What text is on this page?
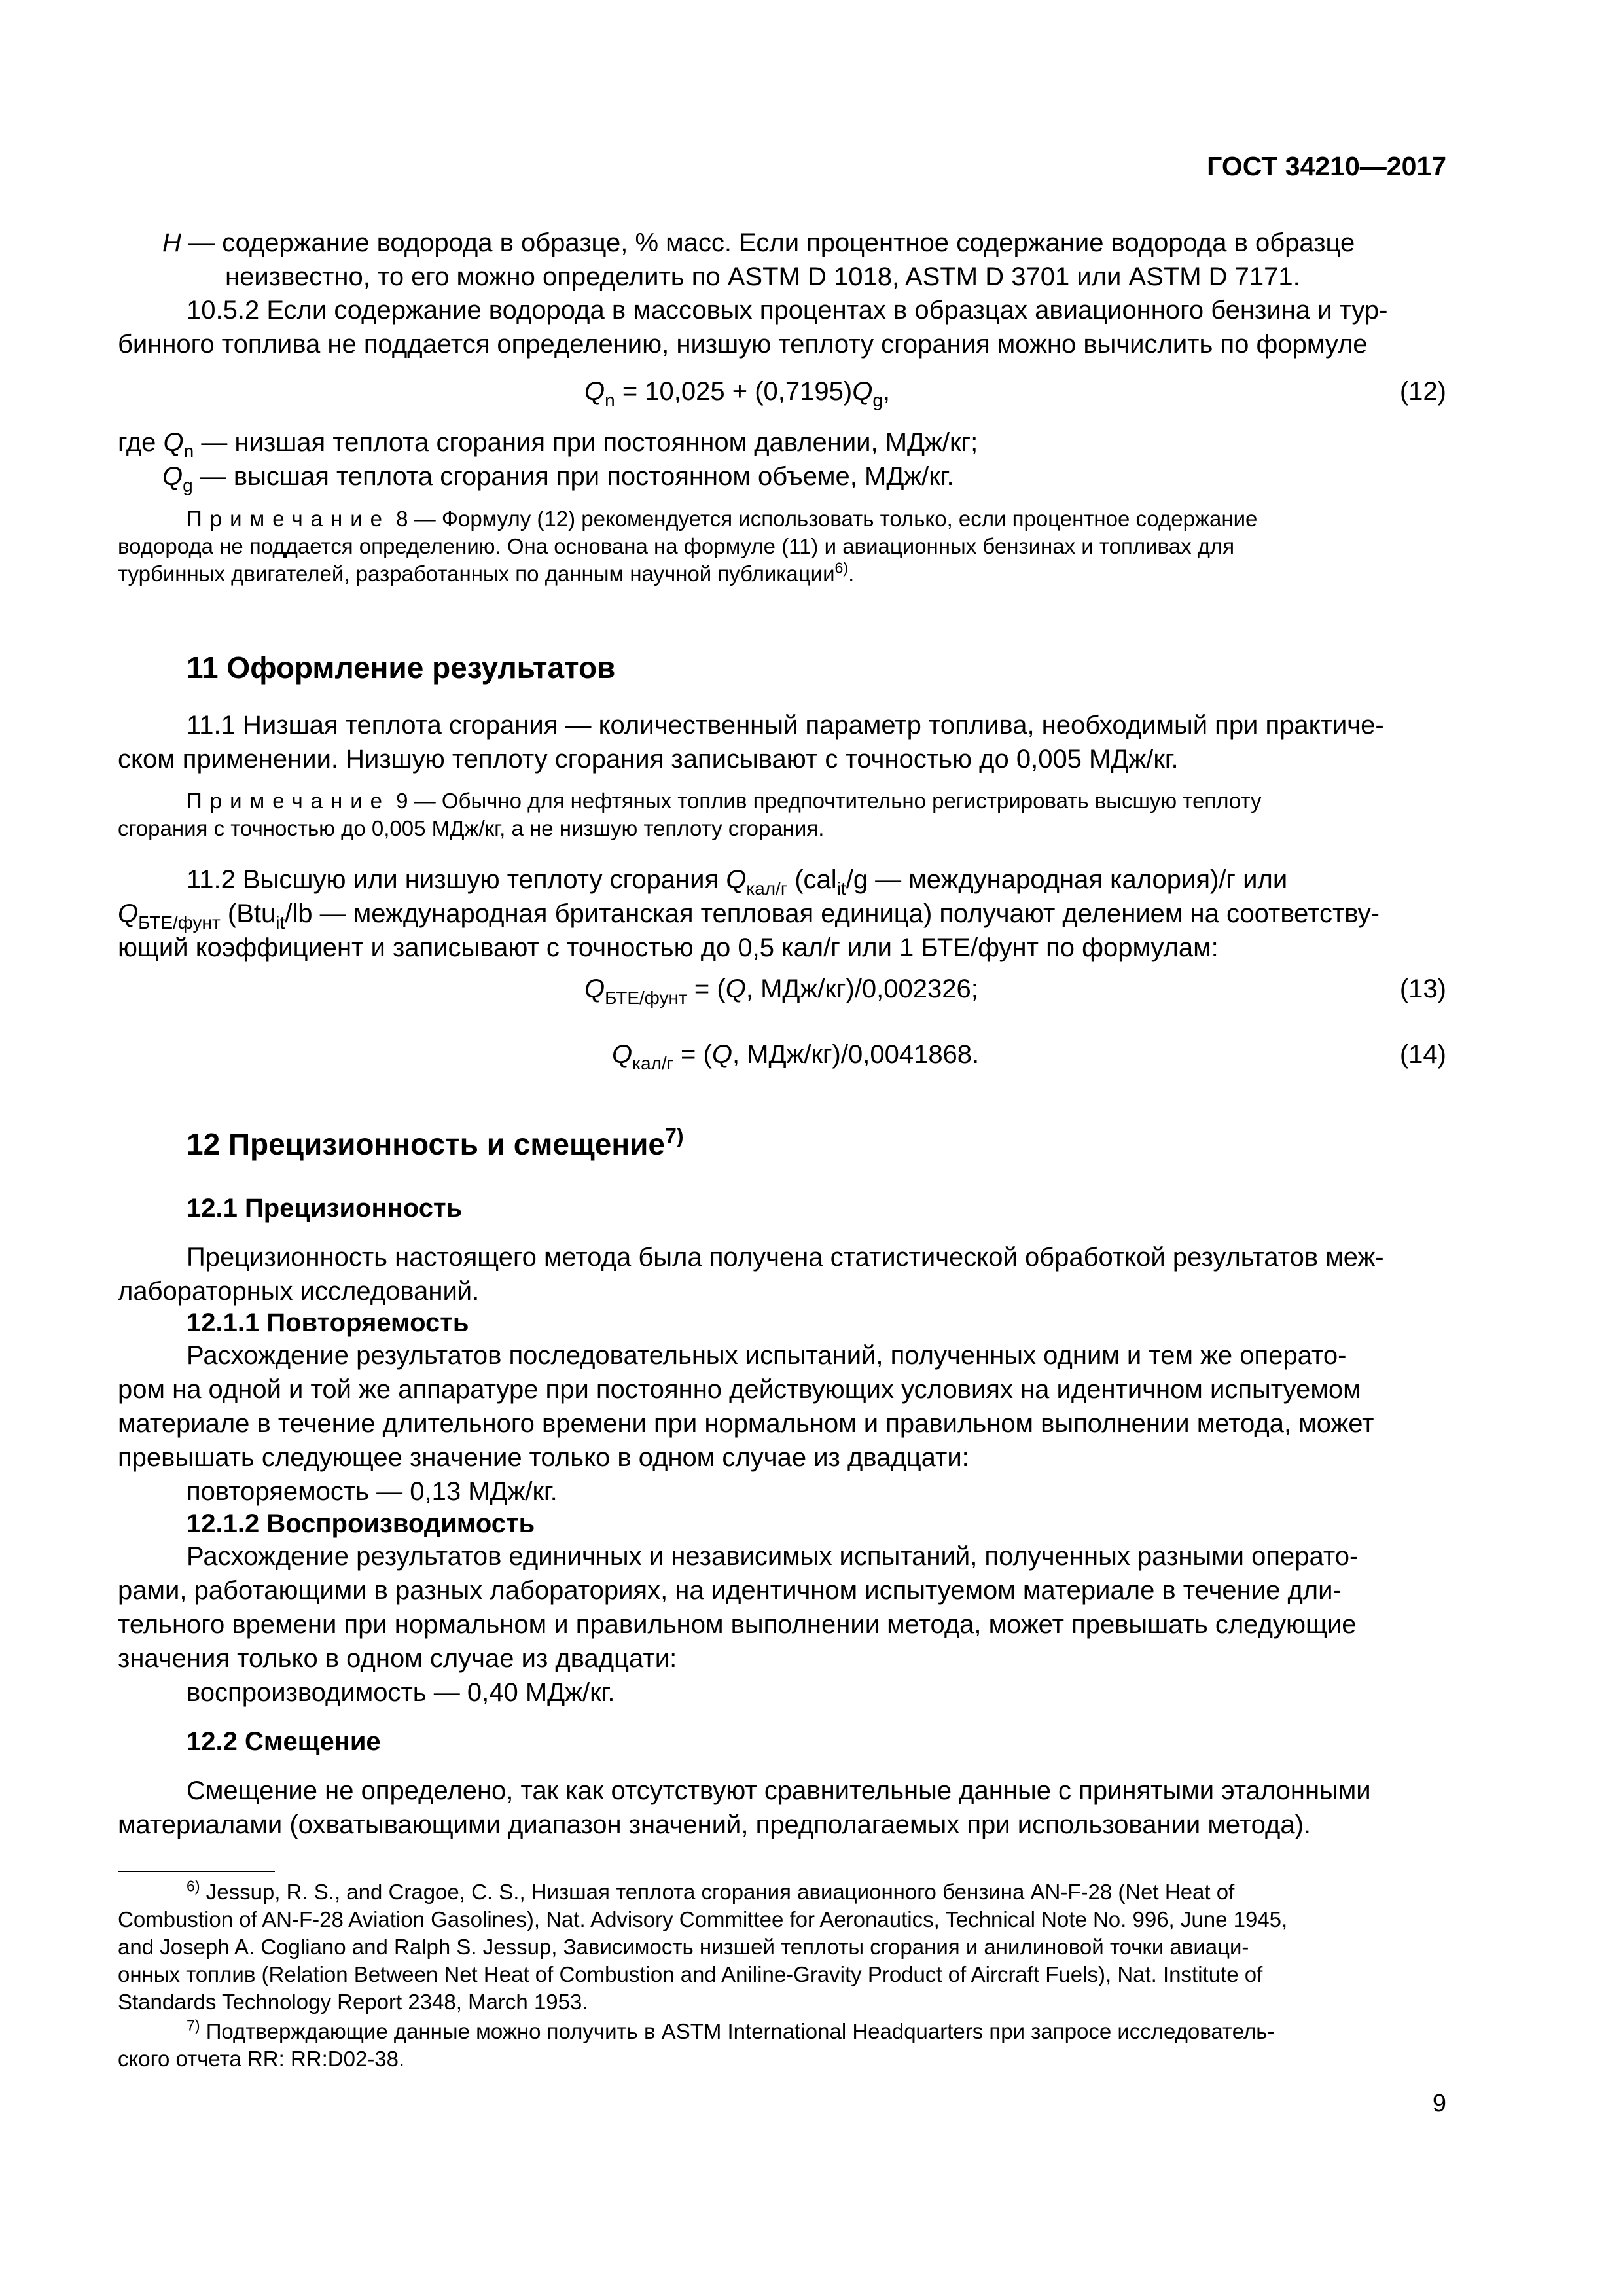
ГОСТ 34210—2017
H — содержание водорода в образце, % масс. Если процентное содержание водорода в образце
неизвестно, то его можно определить по ASTM D 1018, ASTM D 3701 или ASTM D 7171.
10.5.2 Если содержание водорода в массовых процентах в образцах авиационного бензина и тур-
бинного топлива не поддается определению, низшую теплоту сгорания можно вычислить по формуле
$Q_n = 10,025 + (0,7195)Q_g$,	(12)
где $Q_n$ — низшая теплота сгорания при постоянном давлении, МДж/кг;
$Q_g$ — высшая теплота сгорания при постоянном объеме, МДж/кг.
Примечание 8 — Формулу (12) рекомендуется использовать только, если процентное содержание
водорода не поддается определению. Она основана на формуле (11) и авиационных бензинах и топливах для
турбинных двигателей, разработанных по данным научной публикации$^{6)}$.
11 Оформление результатов
11.1 Низшая теплота сгорания — количественный параметр топлива, необходимый при практиче-
ском применении. Низшую теплоту сгорания записывают с точностью до 0,005 МДж/кг.
Примечание 9 — Обычно для нефтяных топлив предпочтительно регистрировать высшую теплоту
сгорания с точностью до 0,005 МДж/кг, а не низшую теплоту сгорания.
11.2 Высшую или низшую теплоту сгорания $Q_{кал/г}$ (cal$_{it}$/g — международная калория)/г или
$Q_{БТЕ/фунт}$ (Btu$_{it}$/lb — международная британская тепловая единица) получают делением на соответству-
ющий коэффициент и записывают с точностью до 0,5 кал/г или 1 БТЕ/фунт по формулам:
$Q_{БТЕ/фунт} = (Q$, МДж/кг)/0,002326;	(13)
$Q_{кал/г} = (Q$, МДж/кг)/0,0041868.	(14)
12 Прецизионность и смещение$^{7)}$
12.1 Прецизионность
Прецизионность настоящего метода была получена статистической обработкой результатов меж-
лабораторных исследований.
12.1.1 Повторяемость
Расхождение результатов последовательных испытаний, полученных одним и тем же операто-
ром на одной и той же аппаратуре при постоянно действующих условиях на идентичном испытуемом
материале в течение длительного времени при нормальном и правильном выполнении метода, может
превышать следующее значение только в одном случае из двадцати:
повторяемость — 0,13 МДж/кг.
12.1.2 Воспроизводимость
Расхождение результатов единичных и независимых испытаний, полученных разными операто-
рами, работающими в разных лабораториях, на идентичном испытуемом материале в течение дли-
тельного времени при нормальном и правильном выполнении метода, может превышать следующие
значения только в одном случае из двадцати:
воспроизводимость — 0,40 МДж/кг.
12.2 Смещение
Смещение не определено, так как отсутствуют сравнительные данные с принятыми эталонными
материалами (охватывающими диапазон значений, предполагаемых при использовании метода).
$^{6)}$ Jessup, R. S., and Cragoe, C. S., Низшая теплота сгорания авиационного бензина AN-F-28 (Net Heat of
Combustion of AN-F-28 Aviation Gasolines), Nat. Advisory Committee for Aeronautics, Technical Note No. 996, June 1945,
and Joseph A. Cogliano and Ralph S. Jessup, Зависимость низшей теплоты сгорания и анилиновой точки авиаци-
онных топлив (Relation Between Net Heat of Combustion and Aniline-Gravity Product of Aircraft Fuels), Nat. Institute of
Standards Technology Report 2348, March 1953.
$^{7)}$ Подтверждающие данные можно получить в ASTM International Headquarters при запросе исследователь-
ского отчета RR: RR:D02-38.
9
